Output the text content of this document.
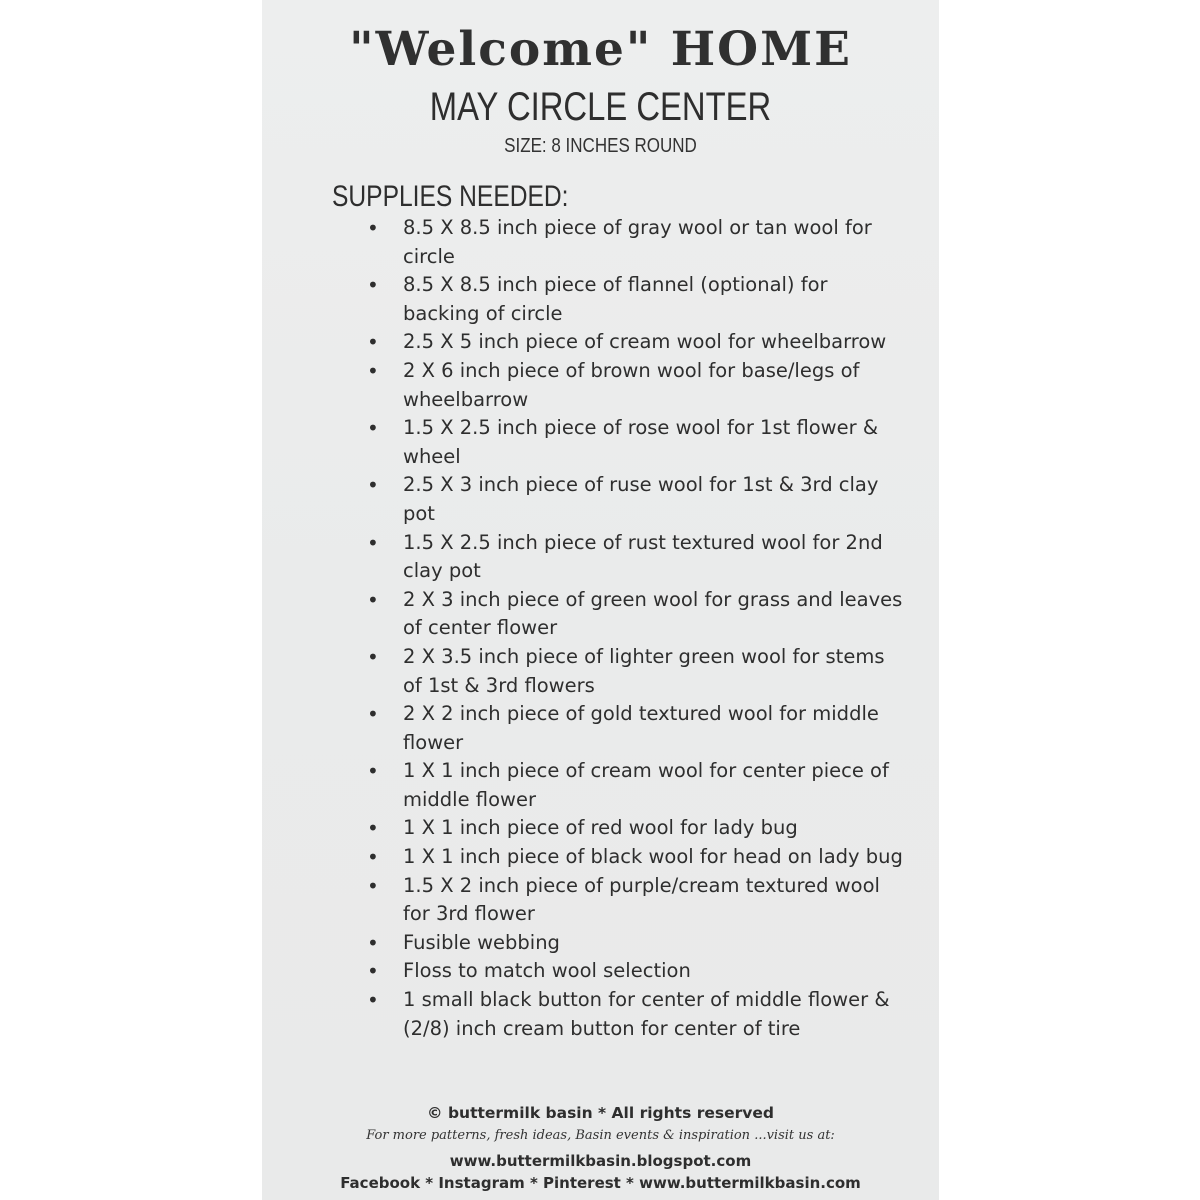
"Welcome" HOME
MAY CIRCLE CENTER
SIZE: 8 INCHES ROUND
SUPPLIES NEEDED:
• 8.5 X 8.5 inch piece of gray wool or tan wool for circle
• 8.5 X 8.5 inch piece of flannel (optional) for backing of circle
• 2.5 X 5 inch piece of cream wool for wheelbarrow
• 2 X 6 inch piece of brown wool for base/legs of wheelbarrow
• 1.5 X 2.5 inch piece of rose wool for 1st flower & wheel
• 2.5 X 3 inch piece of ruse wool for 1st & 3rd clay pot
• 1.5 X 2.5 inch piece of rust textured wool for 2nd clay pot
• 2 X 3 inch piece of green wool for grass and leaves of center flower
• 2 X 3.5 inch piece of lighter green wool for stems of 1st & 3rd flowers
• 2 X 2 inch piece of gold textured wool for middle flower
• 1 X 1 inch piece of cream wool for center piece of middle flower
• 1 X 1 inch piece of red wool for lady bug
• 1 X 1 inch piece of black wool for head on lady bug
• 1.5 X 2 inch piece of purple/cream textured wool for 3rd flower
• Fusible webbing
• Floss to match wool selection
• 1 small black button for center of middle flower & (2/8) inch cream button for center of tire
© buttermilk basin * All rights reserved
For more patterns, fresh ideas, Basin events & inspiration ...visit us at:
www.buttermilkbasin.blogspot.com
Facebook * Instagram * Pinterest * www.buttermilkbasin.com
